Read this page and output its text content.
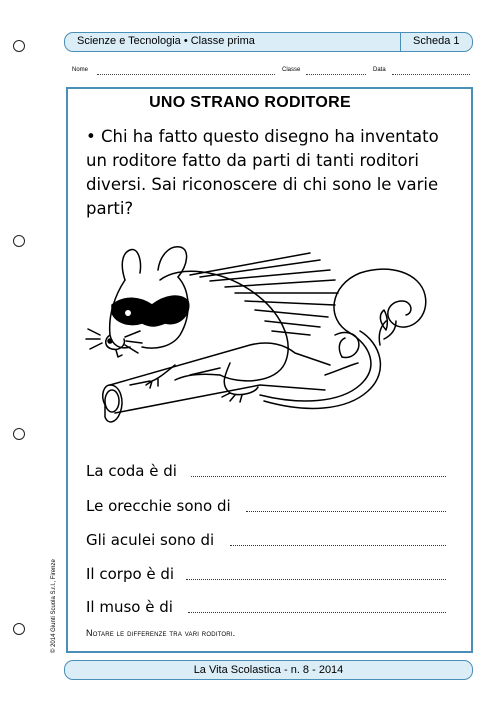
Scienze e Tecnologia • Classe prima	Scheda 1
Nome	Classe	Data
UNO STRANO RODITORE
• Chi ha fatto questo disegno ha inventato un roditore fatto da parti di tanti roditori diversi. Sai riconoscere di chi sono le varie parti?
La coda è di
Le orecchie sono di
Gli aculei sono di
Il corpo è di
Il muso è di
Notare le differenze tra vari roditori.
© 2014 Giunti Scuola S.r.l., Firenze
La Vita Scolastica - n. 8 - 2014
